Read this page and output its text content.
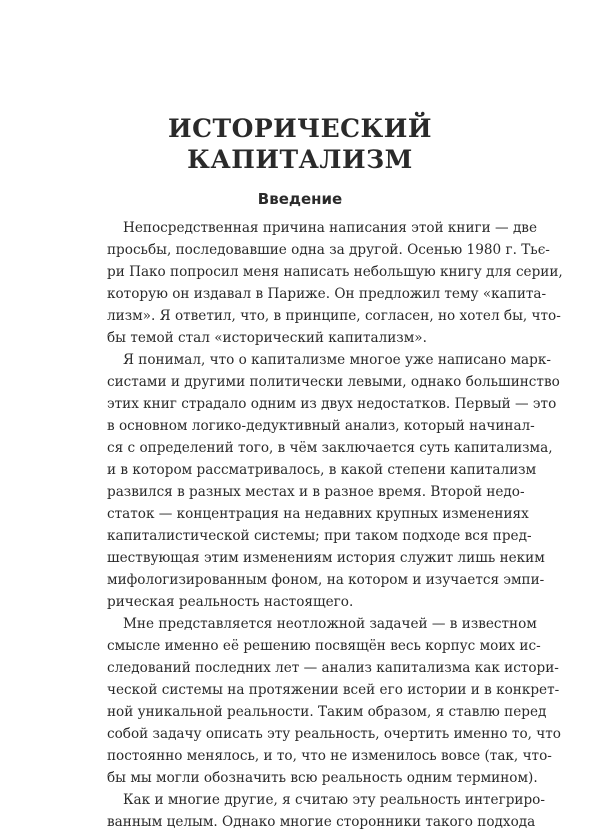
ИСТОРИЧЕСКИЙ
КАПИТАЛИЗМ
Введение
Непосредственная причина написания этой книги — две
просьбы, последовавшие одна за другой. Осенью 1980 г. Тьє-
ри Пако попросил меня написать небольшую книгу для серии,
которую он издавал в Париже. Он предложил тему «капита-
лизм». Я ответил, что, в принципе, согласен, но хотел бы, что-
бы темой стал «исторический капитализм».
Я понимал, что о капитализме многое уже написано марк-
систами и другими политически левыми, однако большинство
этих книг страдало одним из двух недостатков. Первый — это
в основном логико-дедуктивный анализ, который начинал-
ся с определений того, в чём заключается суть капитализма,
и в котором рассматривалось, в какой степени капитализм
развился в разных местах и в разное время. Второй недо-
статок — концентрация на недавних крупных изменениях
капиталистической системы; при таком подходе вся пред-
шествующая этим изменениям история служит лишь неким
мифологизированным фоном, на котором и изучается эмпи-
рическая реальность настоящего.
Мне представляется неотложной задачей — в известном
смысле именно её решению посвящён весь корпус моих ис-
следований последних лет — анализ капитализма как истори-
ческой системы на протяжении всей его истории и в конкрет-
ной уникальной реальности. Таким образом, я ставлю перед
собой задачу описать эту реальность, очертить именно то, что
постоянно менялось, и то, что не изменилось вовсе (так, что-
бы мы могли обозначить всю реальность одним термином).
Как и многие другие, я считаю эту реальность интегриро-
ванным целым. Однако многие сторонники такого подхода
